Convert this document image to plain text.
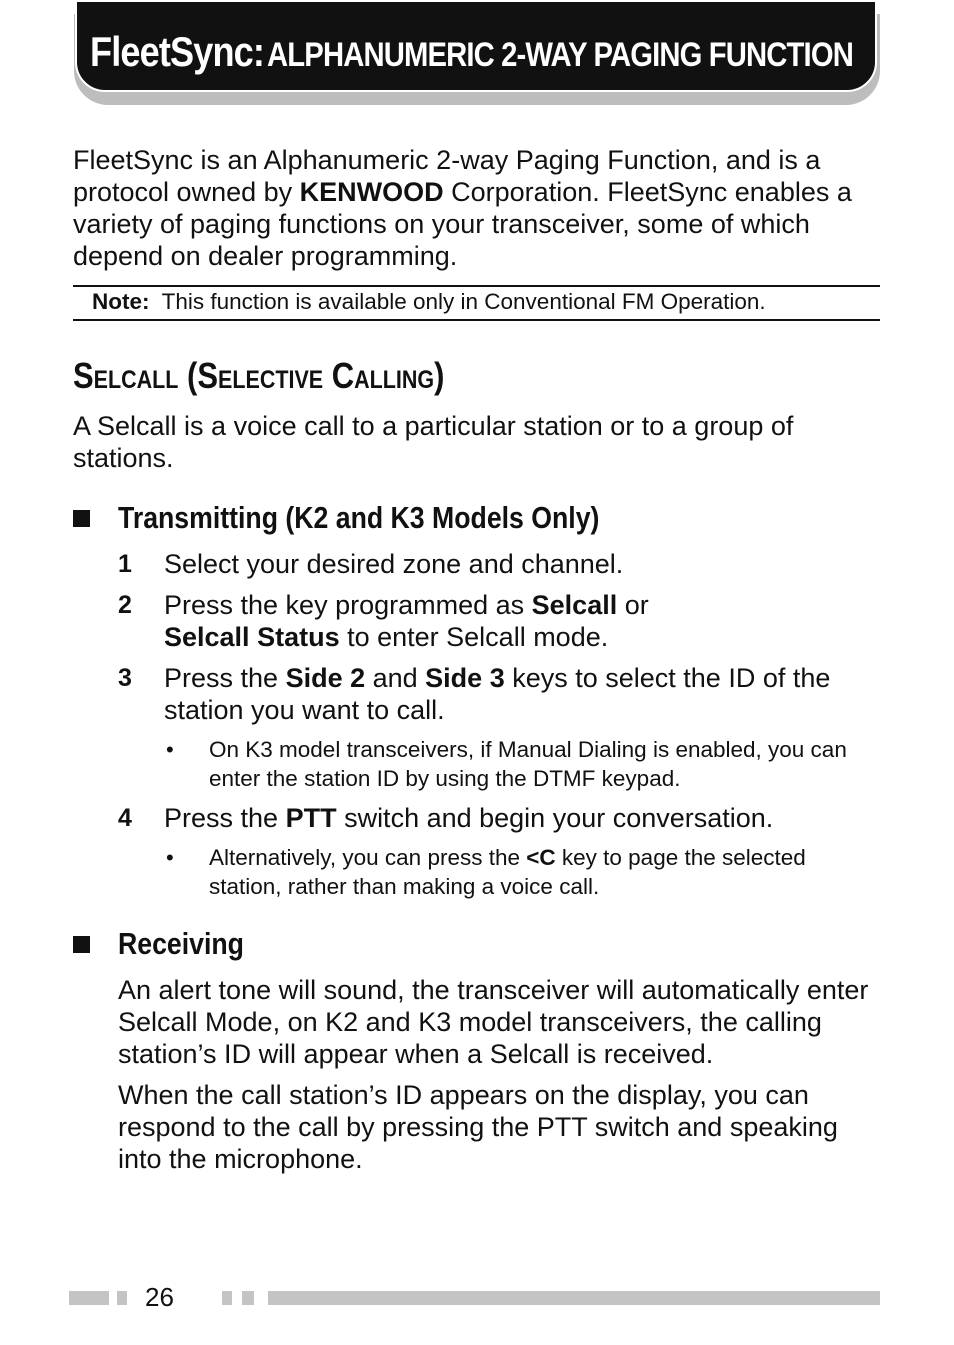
FleetSync: ALPHANUMERIC 2-WAY PAGING FUNCTION

FleetSync is an Alphanumeric 2-way Paging Function, and is a protocol owned by KENWOOD Corporation. FleetSync enables a variety of paging functions on your transceiver, some of which depend on dealer programming.

Note: This function is available only in Conventional FM Operation.
Selcall (Selective Calling)

A Selcall is a voice call to a particular station or to a group of stations.

Transmitting (K2 and K3 Models Only)
1 Select your desired zone and channel.

2 Press the key programmed as Selcall or
Selcall Status to enter Selcall mode.

3 Press the Side 2 and Side 3 keys to select the ID of the station you want to call.

• On K3 model transceivers, if Manual Dialing is enabled, you can enter the station ID by using the DTMF keypad.

4 Press the PTT switch and begin your conversation.

• Alternatively, you can press the <C key to page the selected station, rather than making a voice call.

Receiving

An alert tone will sound, the transceiver will automatically enter Selcall Mode, on K2 and K3 model transceivers, the calling station’s ID will appear when a Selcall is received.

When the call station’s ID appears on the display, you can respond to the call by pressing the PTT switch and speaking into the microphone.

26
